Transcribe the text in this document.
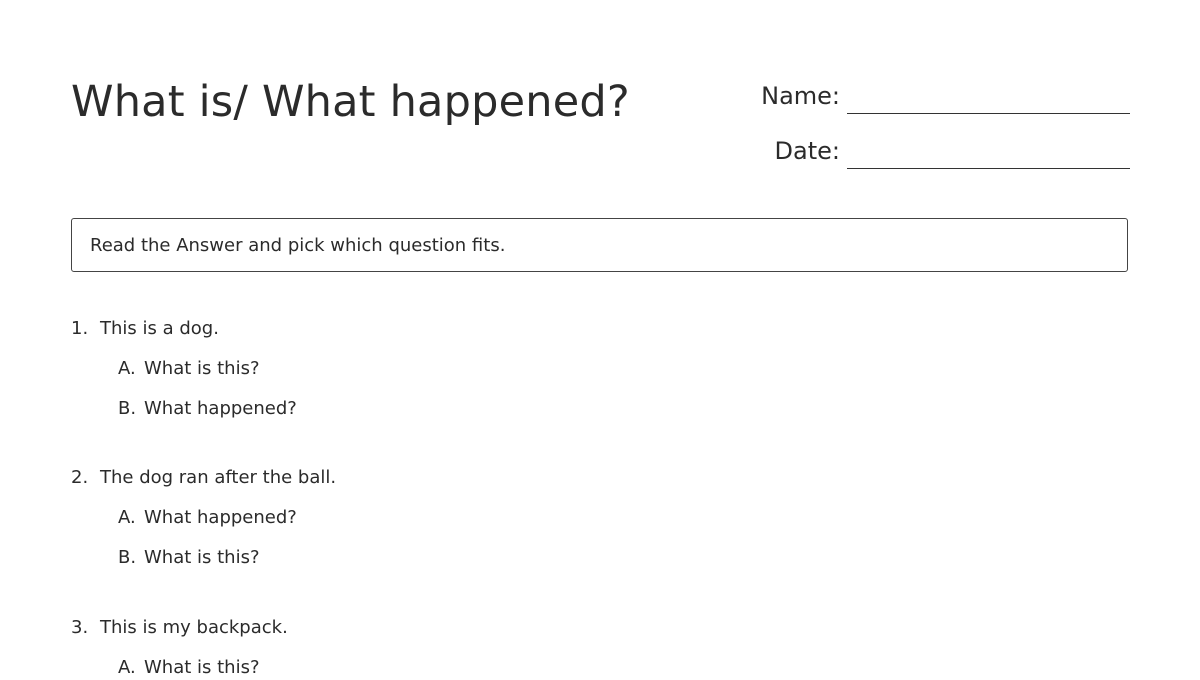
What is/ What happened?	Name:
Date:
Read the Answer and pick which question fits.
1. This is a dog.
A. What is this?
B. What happened?
2. The dog ran after the ball.
A. What happened?
B. What is this?
3. This is my backpack.
A. What is this?
